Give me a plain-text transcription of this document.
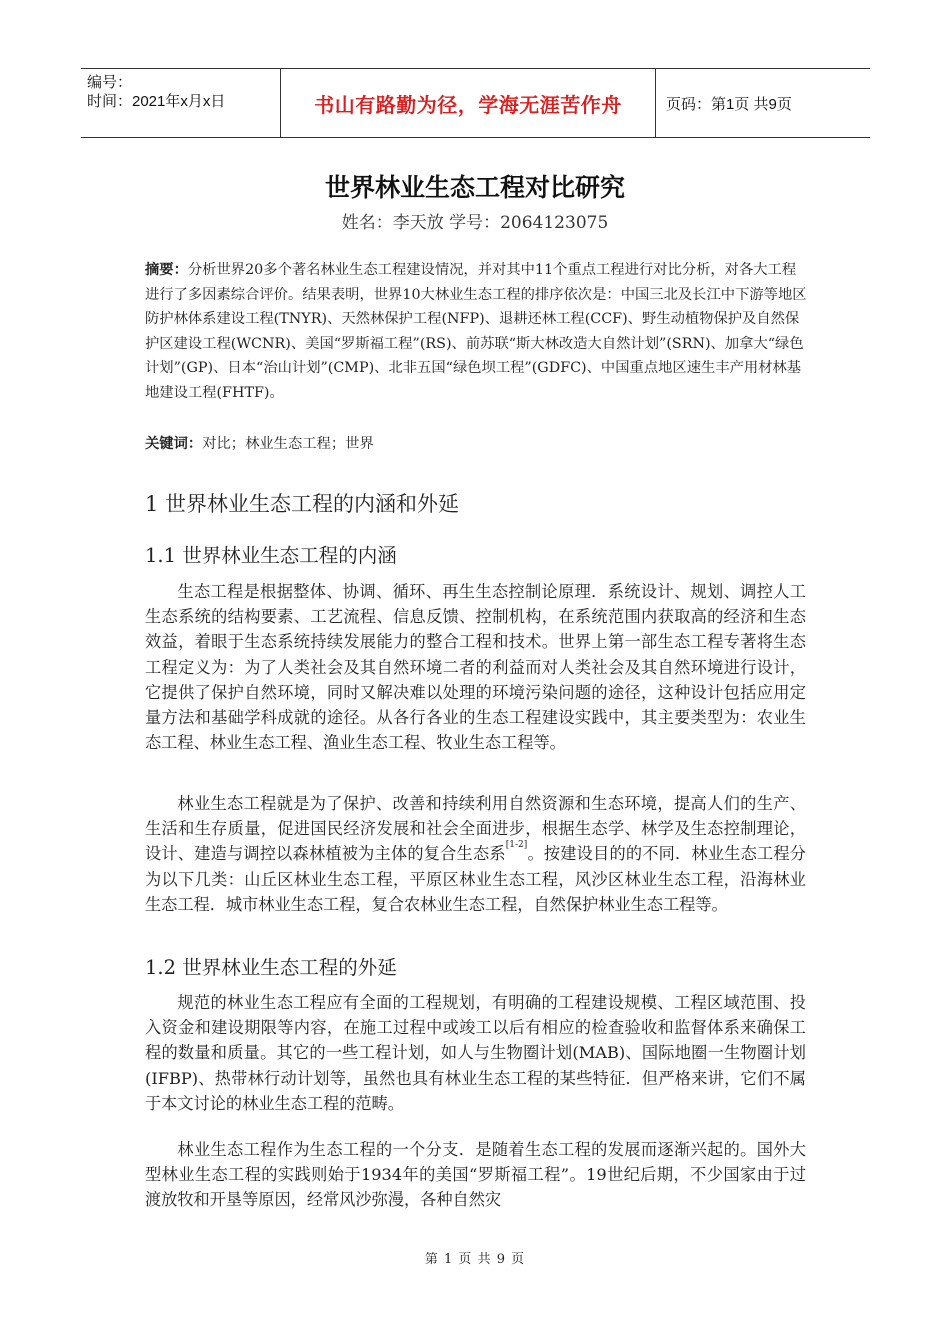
编号：
时间：2021年x月x日	书山有路勤为径，学海无涯苦作舟	页码：第1页 共9页
世界林业生态工程对比研究
姓名：李天放 学号：2064123075
摘要：分析世界20多个著名林业生态工程建设情况，并对其中11个重点工程进行对比分析，对各大工程进行了多因素综合评价。结果表明，世界10大林业生态工程的排序依次是：中国三北及长江中下游等地区防护林体系建设工程(TNYR)、天然林保护工程(NFP)、退耕还林工程(CCF)、野生动植物保护及自然保护区建设工程(WCNR)、美国“罗斯福工程”(RS)、前苏联“斯大林改造大自然计划”(SRN)、加拿大“绿色计划”(GP)、日本“治山计划”(CMP)、北非五国“绿色坝工程”(GDFC)、中国重点地区速生丰产用材林基地建设工程(FHTF)。
关键词：对比；林业生态工程；世界
1 世界林业生态工程的内涵和外延
1.1 世界林业生态工程的内涵
生态工程是根据整体、协调、循环、再生生态控制论原理．系统设计、规划、调控人工生态系统的结构要素、工艺流程、信息反馈、控制机构，在系统范围内获取高的经济和生态效益，着眼于生态系统持续发展能力的整合工程和技术。世界上第一部生态工程专著将生态工程定义为：为了人类社会及其自然环境二者的利益而对人类社会及其自然环境进行设计，它提供了保护自然环境，同时又解决难以处理的环境污染问题的途径，这种设计包括应用定量方法和基础学科成就的途径。从各行各业的生态工程建设实践中，其主要类型为：农业生态工程、林业生态工程、渔业生态工程、牧业生态工程等。
林业生态工程就是为了保护、改善和持续利用自然资源和生态环境，提高人们的生产、生活和生存质量，促进国民经济发展和社会全面进步，根据生态学、林学及生态控制理论，设计、建造与调控以森林植被为主体的复合生态系[1-2]。按建设目的的不同．林业生态工程分为以下几类：山丘区林业生态工程，平原区林业生态工程，风沙区林业生态工程，沿海林业生态工程．城市林业生态工程，复合农林业生态工程，自然保护林业生态工程等。
1.2 世界林业生态工程的外延
规范的林业生态工程应有全面的工程规划，有明确的工程建设规模、工程区域范围、投入资金和建设期限等内容，在施工过程中或竣工以后有相应的检查验收和监督体系来确保工程的数量和质量。其它的一些工程计划，如人与生物圈计划(MAB)、国际地圈一生物圈计划(IFBP)、热带林行动计划等，虽然也具有林业生态工程的某些特征．但严格来讲，它们不属于本文讨论的林业生态工程的范畴。
林业生态工程作为生态工程的一个分支．是随着生态工程的发展而逐渐兴起的。国外大型林业生态工程的实践则始于1934年的美国“罗斯福工程”。19世纪后期，不少国家由于过渡放牧和开垦等原因，经常风沙弥漫，各种自然灾
第 1 页 共 9 页
